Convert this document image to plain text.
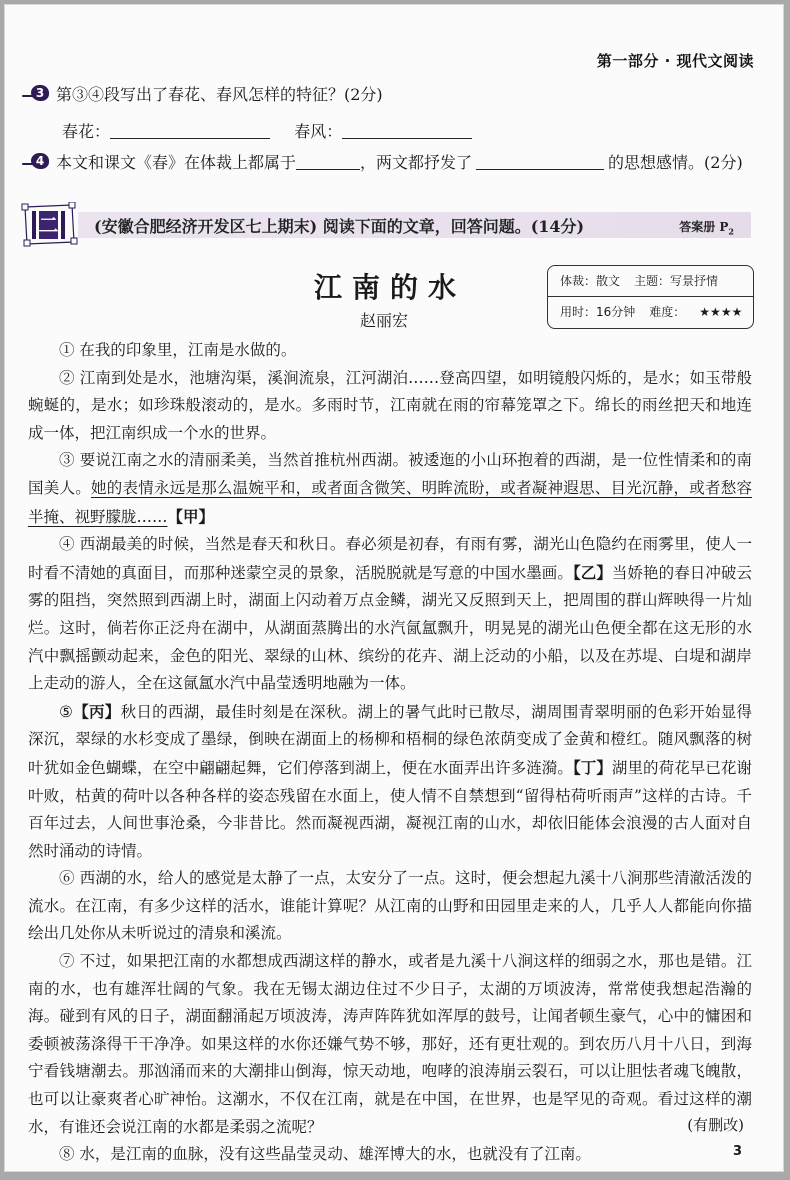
第一部分 · 现代文阅读
3 第③④段写出了春花、春风怎样的特征？(2分)
春花：	春风：
4 本文和课文《春》在体裁上都属于	，两文都抒发了	的思想感情。(2分)
二 (安徽合肥经济开发区七上期末) 阅读下面的文章，回答问题。(14分)	答案册 $P_2$
江南的水
赵丽宏
体裁：散文 主题：写景抒情
用时：16分钟 难度： ★★★★

① 在我的印象里，江南是水做的。

② 江南到处是水，池塘沟渠，溪涧流泉，江河湖泊……登高四望，如明镜般闪烁的，是水；如玉带般蜿蜒的，是水；如珍珠般滚动的，是水。多雨时节，江南就在雨的帘幕笼罩之下。绵长的雨丝把天和地连成一体，把江南织成一个水的世界。

③ 要说江南之水的清丽柔美，当然首推杭州西湖。被逶迤的小山环抱着的西湖，是一位性情柔和的南国美人。她的表情永远是那么温婉平和，或者面含微笑、明眸流盼，或者凝神遐思、目光沉静，或者愁容半掩、视野朦胧……【甲】

④ 西湖最美的时候，当然是春天和秋日。春必须是初春，有雨有雾，湖光山色隐约在雨雾里，使人一时看不清她的真面目，而那种迷蒙空灵的景象，活脱脱就是写意的中国水墨画。【乙】当娇艳的春日冲破云雾的阻挡，突然照到西湖上时，湖面上闪动着万点金鳞，湖光又反照到天上，把周围的群山辉映得一片灿烂。这时，倘若你正泛舟在湖中，从湖面蒸腾出的水汽氤氲飘升，明晃晃的湖光山色便全都在这无形的水汽中飘摇颤动起来，金色的阳光、翠绿的山林、缤纷的花卉、湖上泛动的小船，以及在苏堤、白堤和湖岸上走动的游人，全在这氤氲水汽中晶莹透明地融为一体。

⑤【丙】秋日的西湖，最佳时刻是在深秋。湖上的暑气此时已散尽，湖周围青翠明丽的色彩开始显得深沉，翠绿的水杉变成了墨绿，倒映在湖面上的杨柳和梧桐的绿色浓荫变成了金黄和橙红。随风飘落的树叶犹如金色蝴蝶，在空中翩翩起舞，它们停落到湖上，便在水面弄出许多涟漪。【丁】湖里的荷花早已花谢叶败，枯黄的荷叶以各种各样的姿态残留在水面上，使人情不自禁想到“留得枯荷听雨声”这样的古诗。千百年过去，人间世事沧桑，今非昔比。然而凝视西湖，凝视江南的山水，却依旧能体会浪漫的古人面对自然时涌动的诗情。

⑥ 西湖的水，给人的感觉是太静了一点，太安分了一点。这时，便会想起九溪十八涧那些清澈活泼的流水。在江南，有多少这样的活水，谁能计算呢？从江南的山野和田园里走来的人，几乎人人都能向你描绘出几处你从未听说过的清泉和溪流。

⑦ 不过，如果把江南的水都想成西湖这样的静水，或者是九溪十八涧这样的细弱之水，那也是错。江南的水，也有雄浑壮阔的气象。我在无锡太湖边住过不少日子，太湖的万顷波涛，常常使我想起浩瀚的海。碰到有风的日子，湖面翻涌起万顷波涛，涛声阵阵犹如浑厚的鼓号，让闻者顿生豪气，心中的慵困和委顿被荡涤得干干净净。如果这样的水你还嫌气势不够，那好，还有更壮观的。到农历八月十八日，到海宁看钱塘潮去。那汹涌而来的大潮排山倒海，惊天动地，咆哮的浪涛崩云裂石，可以让胆怯者魂飞魄散，也可以让豪爽者心旷神怡。这潮水，不仅在江南，就是在中国，在世界，也是罕见的奇观。看过这样的潮水，有谁还会说江南的水都是柔弱之流呢？

⑧ 水，是江南的血脉，没有这些晶莹灵动、雄浑博大的水，也就没有了江南。

(有删改)
3
